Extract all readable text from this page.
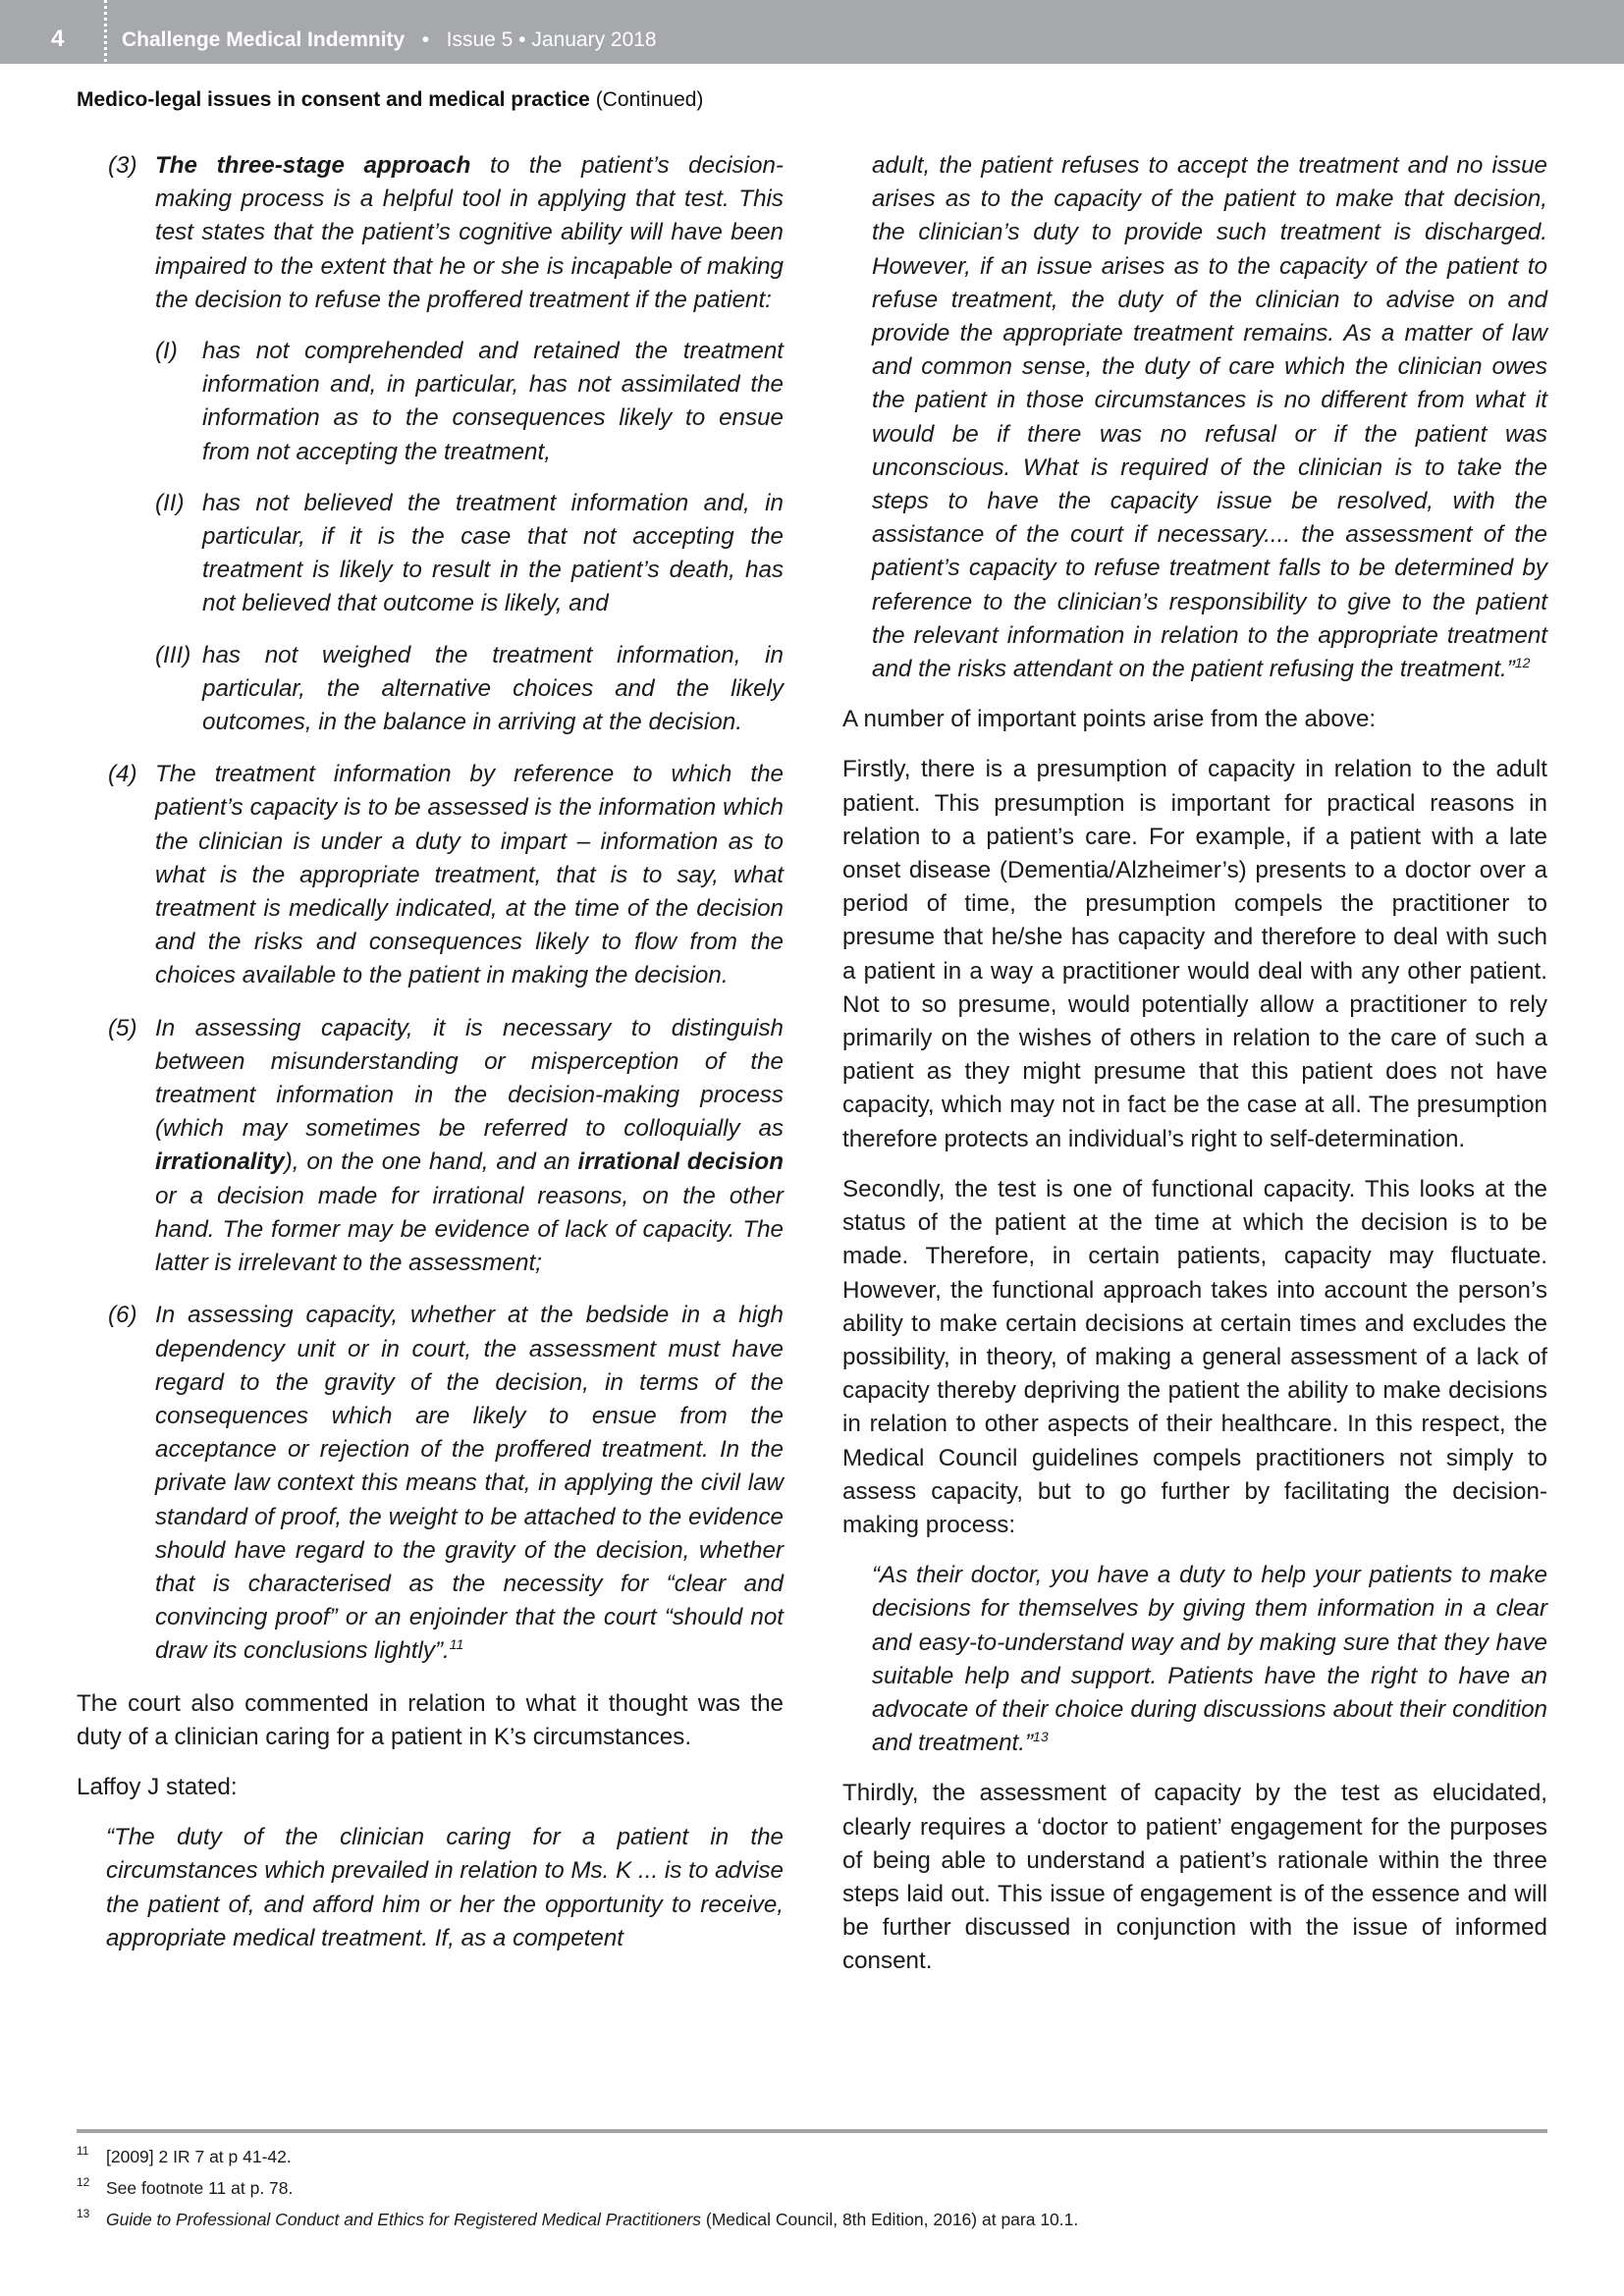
4	Challenge Medical Indemnity • Issue 5 • January 2018
Medico-legal issues in consent and medical practice (Continued)
(3) The three-stage approach to the patient’s decision-making process is a helpful tool in applying that test. This test states that the patient’s cognitive ability will have been impaired to the extent that he or she is incapable of making the decision to refuse the proffered treatment if the patient:
(I) has not comprehended and retained the treatment information and, in particular, has not assimilated the information as to the consequences likely to ensue from not accepting the treatment,
(II) has not believed the treatment information and, in particular, if it is the case that not accepting the treatment is likely to result in the patient’s death, has not believed that outcome is likely, and
(III) has not weighed the treatment information, in particular, the alternative choices and the likely outcomes, in the balance in arriving at the decision.
(4) The treatment information by reference to which the patient’s capacity is to be assessed is the information which the clinician is under a duty to impart – information as to what is the appropriate treatment, that is to say, what treatment is medically indicated, at the time of the decision and the risks and consequences likely to flow from the choices available to the patient in making the decision.
(5) In assessing capacity, it is necessary to distinguish between misunderstanding or misperception of the treatment information in the decision-making process (which may sometimes be referred to colloquially as irrationality), on the one hand, and an irrational decision or a decision made for irrational reasons, on the other hand. The former may be evidence of lack of capacity. The latter is irrelevant to the assessment;
(6) In assessing capacity, whether at the bedside in a high dependency unit or in court, the assessment must have regard to the gravity of the decision, in terms of the consequences which are likely to ensue from the acceptance or rejection of the proffered treatment. In the private law context this means that, in applying the civil law standard of proof, the weight to be attached to the evidence should have regard to the gravity of the decision, whether that is characterised as the necessity for “clear and convincing proof” or an enjoinder that the court “should not draw its conclusions lightly”.$^{11}$

The court also commented in relation to what it thought was the duty of a clinician caring for a patient in K’s circumstances.

Laffoy J stated:

“The duty of the clinician caring for a patient in the circumstances which prevailed in relation to Ms. K ... is to advise the patient of, and afford him or her the opportunity to receive, appropriate medical treatment. If, as a competent
adult, the patient refuses to accept the treatment and no issue arises as to the capacity of the patient to make that decision, the clinician’s duty to provide such treatment is discharged. However, if an issue arises as to the capacity of the patient to refuse treatment, the duty of the clinician to advise on and provide the appropriate treatment remains. As a matter of law and common sense, the duty of care which the clinician owes the patient in those circumstances is no different from what it would be if there was no refusal or if the patient was unconscious. What is required of the clinician is to take the steps to have the capacity issue be resolved, with the assistance of the court if necessary.... the assessment of the patient’s capacity to refuse treatment falls to be determined by reference to the clinician’s responsibility to give to the patient the relevant information in relation to the appropriate treatment and the risks attendant on the patient refusing the treatment.”$^{12}$

A number of important points arise from the above:

Firstly, there is a presumption of capacity in relation to the adult patient. This presumption is important for practical reasons in relation to a patient’s care. For example, if a patient with a late onset disease (Dementia/Alzheimer’s) presents to a doctor over a period of time, the presumption compels the practitioner to presume that he/she has capacity and therefore to deal with such a patient in a way a practitioner would deal with any other patient. Not to so presume, would potentially allow a practitioner to rely primarily on the wishes of others in relation to the care of such a patient as they might presume that this patient does not have capacity, which may not in fact be the case at all. The presumption therefore protects an individual’s right to self-determination.

Secondly, the test is one of functional capacity. This looks at the status of the patient at the time at which the decision is to be made. Therefore, in certain patients, capacity may fluctuate. However, the functional approach takes into account the person’s ability to make certain decisions at certain times and excludes the possibility, in theory, of making a general assessment of a lack of capacity thereby depriving the patient the ability to make decisions in relation to other aspects of their healthcare. In this respect, the Medical Council guidelines compels practitioners not simply to assess capacity, but to go further by facilitating the decision-making process:

“As their doctor, you have a duty to help your patients to make decisions for themselves by giving them information in a clear and easy-to-understand way and by making sure that they have suitable help and support. Patients have the right to have an advocate of their choice during discussions about their condition and treatment.”$^{13}$

Thirdly, the assessment of capacity by the test as elucidated, clearly requires a ‘doctor to patient’ engagement for the purposes of being able to understand a patient’s rationale within the three steps laid out. This issue of engagement is of the essence and will be further discussed in conjunction with the issue of informed consent.

11 [2009] 2 IR 7 at p 41-42.
12 See footnote 11 at p. 78.
13 Guide to Professional Conduct and Ethics for Registered Medical Practitioners (Medical Council, 8th Edition, 2016) at para 10.1.
